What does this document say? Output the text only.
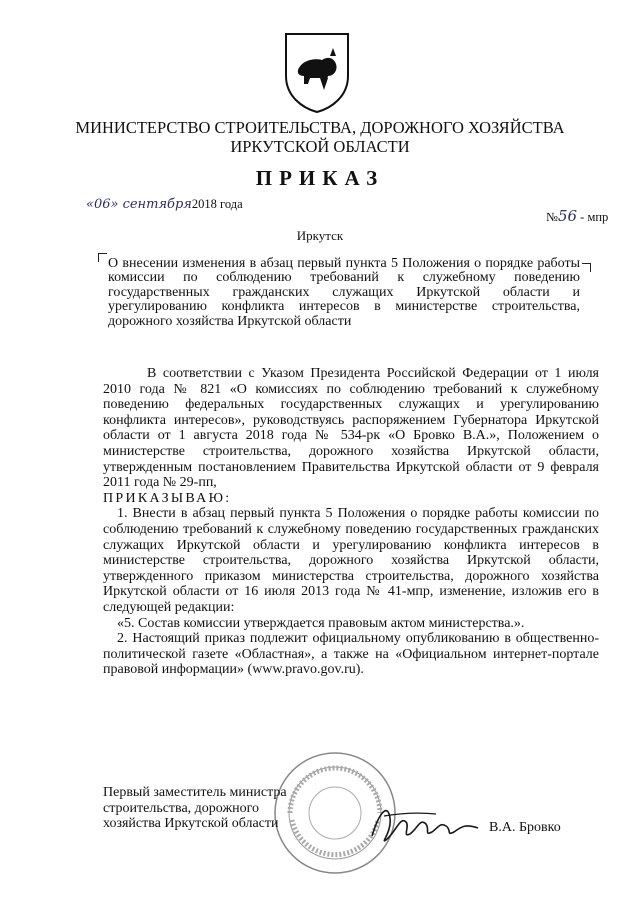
МИНИСТЕРСТВО СТРОИТЕЛЬСТВА, ДОРОЖНОГО ХОЗЯЙСТВА
ИРКУТСКОЙ ОБЛАСТИ
ПРИКАЗ
«06» сентября2018 года
№56 - мпр
Иркутск
О внесении изменения в абзац первый пункта 5 Положения о порядке работы комиссии по соблюдению требований к служебному поведению государственных гражданских служащих Иркутской области и урегулированию конфликта интересов в министерстве строительства, дорожного хозяйства Иркутской области

В соответствии с Указом Президента Российской Федерации от 1 июля 2010 года № 821 «О комиссиях по соблюдению требований к служебному поведению федеральных государственных служащих и урегулированию конфликта интересов», руководствуясь распоряжением Губернатора Иркутской области от 1 августа 2018 года № 534-рк «О Бровко В.А.», Положением о министерстве строительства, дорожного хозяйства Иркутской области, утвержденным постановлением Правительства Иркутской области от 9 февраля 2011 года № 29-пп,

ПРИКАЗЫВАЮ:

1. Внести в абзац первый пункта 5 Положения о порядке работы комиссии по соблюдению требований к служебному поведению государственных гражданских служащих Иркутской области и урегулированию конфликта интересов в министерстве строительства, дорожного хозяйства Иркутской области, утвержденного приказом министерства строительства, дорожного хозяйства Иркутской области от 16 июля 2013 года № 41-мпр, изменение, изложив его в следующей редакции:

«5. Состав комиссии утверждается правовым актом министерства.».

2. Настоящий приказ подлежит официальному опубликованию в общественно-политической газете «Областная», а также на «Официальном интернет-портале правовой информации» (www.pravo.gov.ru).

Первый заместитель министра
строительства, дорожного
хозяйства Иркутской области	В.А. Бровко
